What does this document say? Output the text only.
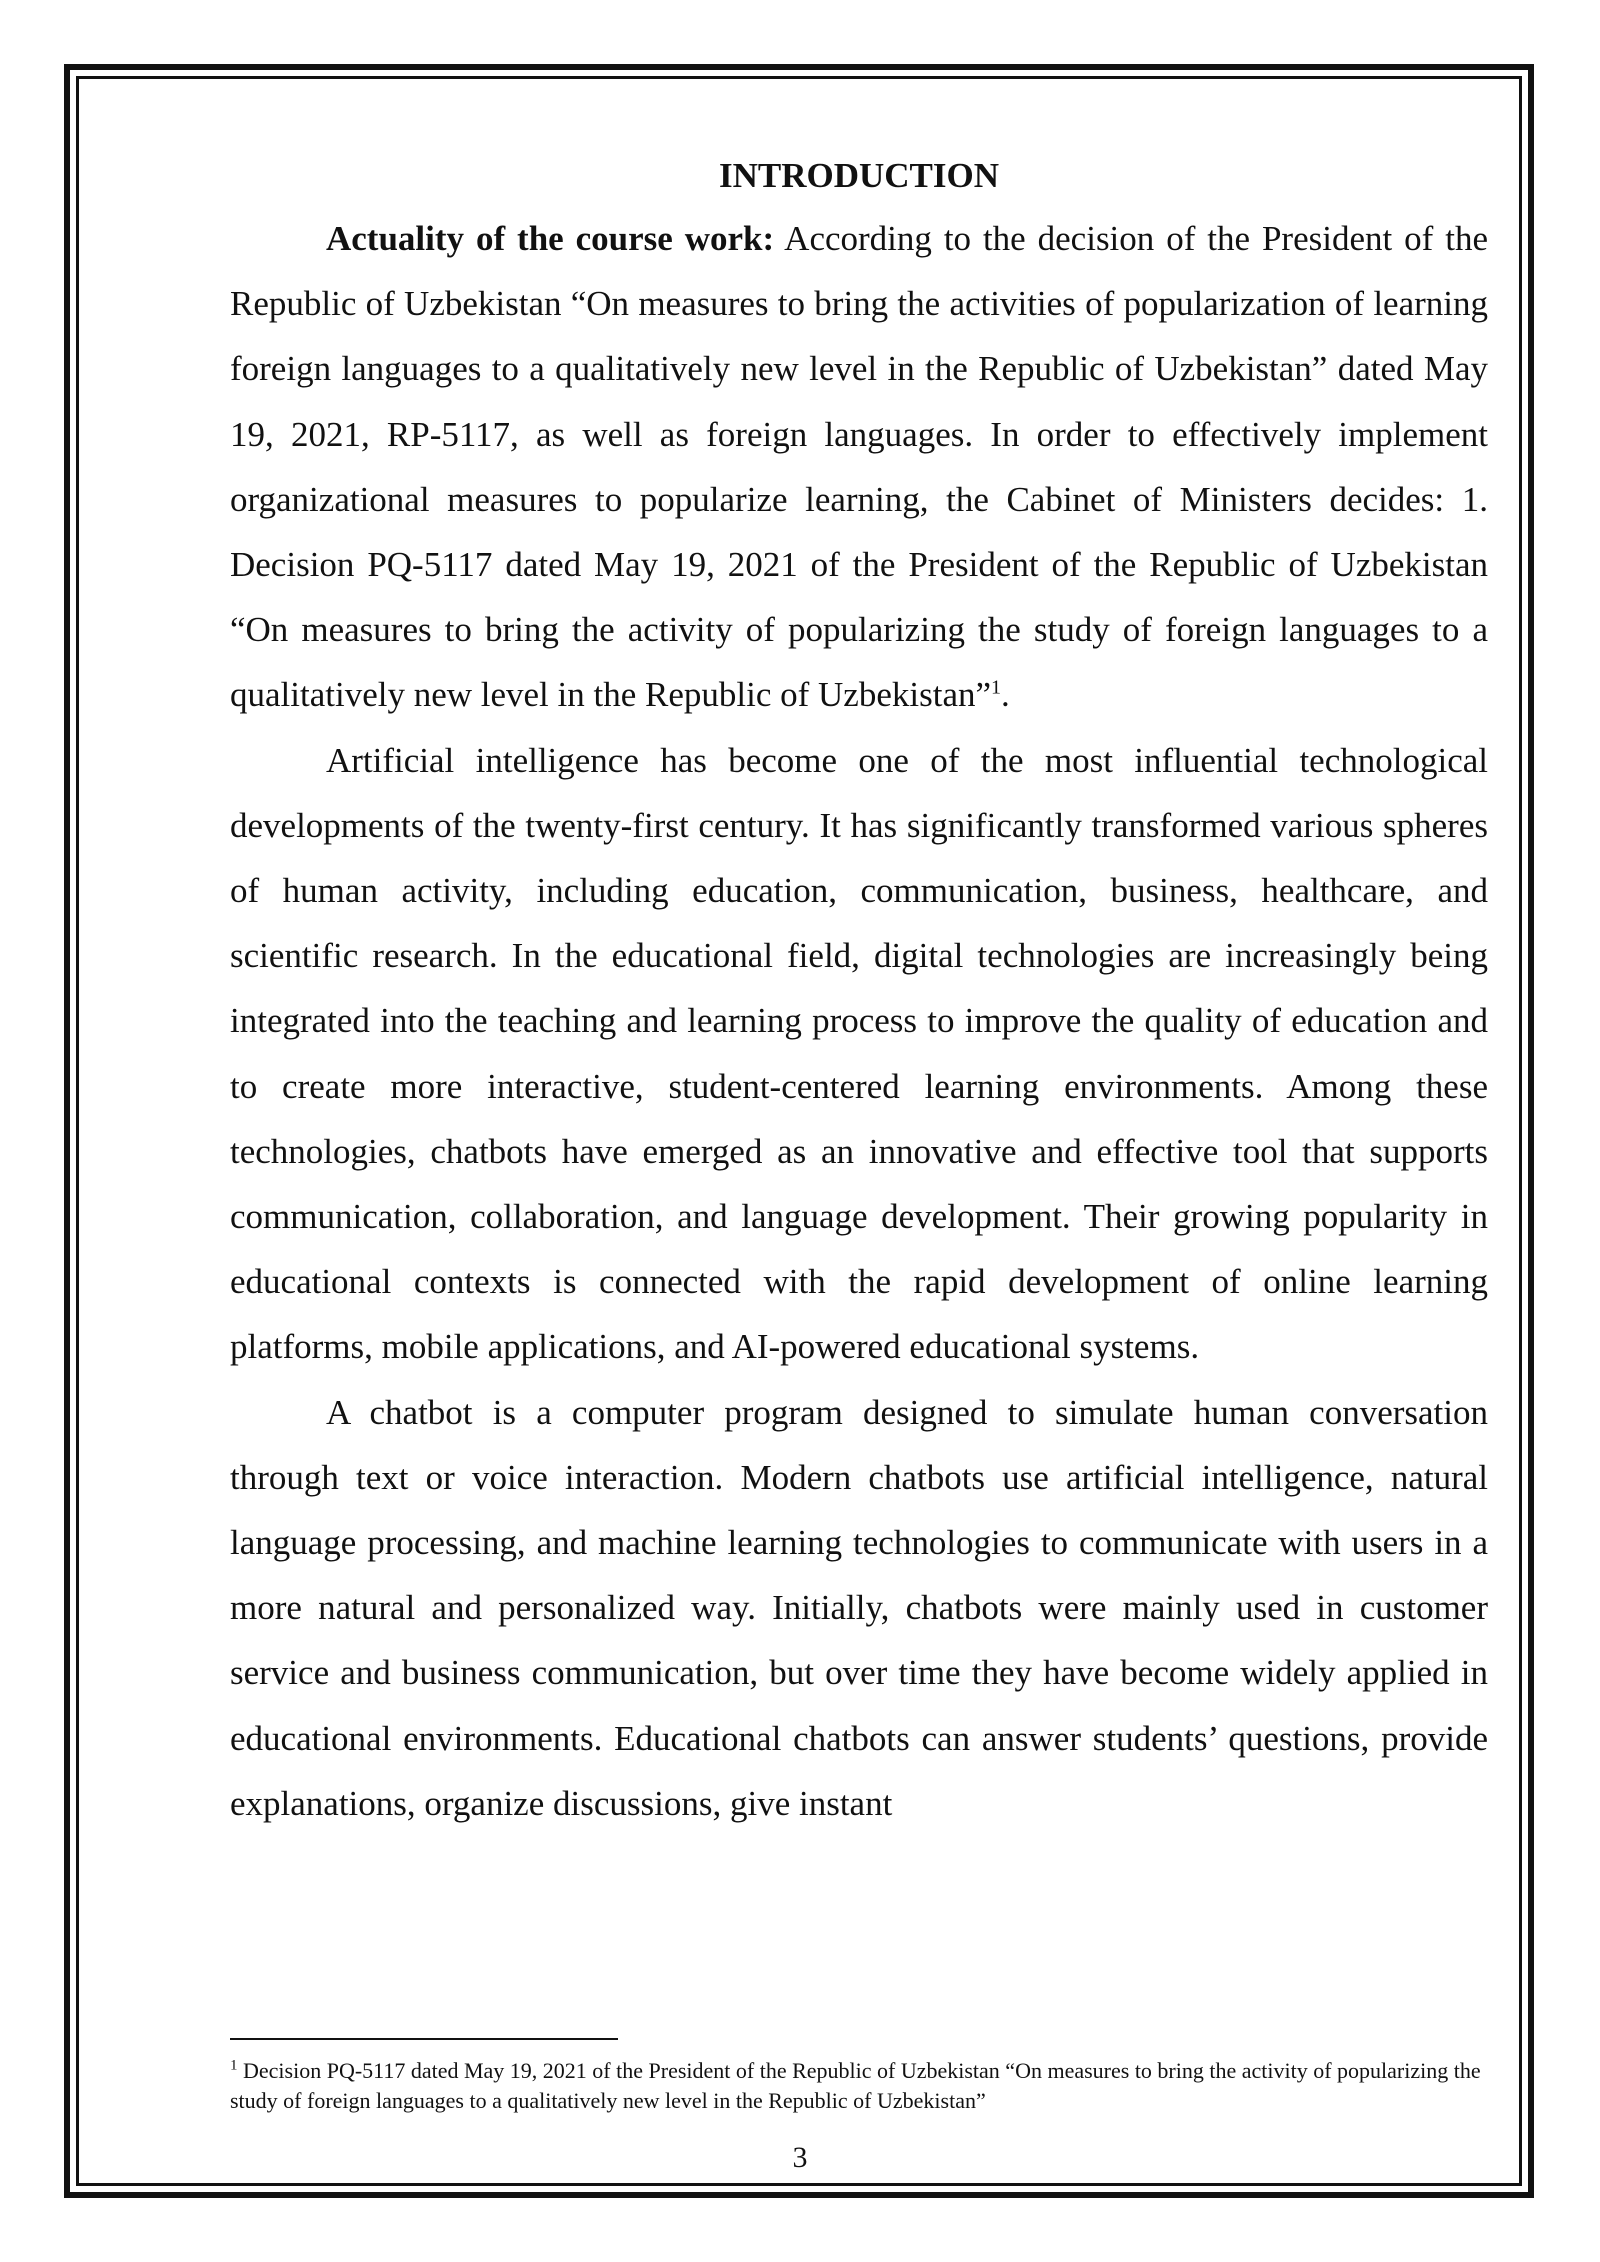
INTRODUCTION

Actuality of the course work: According to the decision of the President of the Republic of Uzbekistan “On measures to bring the activities of popularization of learning foreign languages to a qualitatively new level in the Republic of Uzbekistan” dated May 19, 2021, RP-5117, as well as foreign languages. In order to effectively implement organizational measures to popularize learning, the Cabinet of Ministers decides: 1. Decision PQ-5117 dated May 19, 2021 of the President of the Republic of Uzbekistan “On measures to bring the activity of popularizing the study of foreign languages to a qualitatively new level in the Republic of Uzbekistan”$^1$.

Artificial intelligence has become one of the most influential technological developments of the twenty-first century. It has significantly transformed various spheres of human activity, including education, communication, business, healthcare, and scientific research. In the educational field, digital technologies are increasingly being integrated into the teaching and learning process to improve the quality of education and to create more interactive, student-centered learning environments. Among these technologies, chatbots have emerged as an innovative and effective tool that supports communication, collaboration, and language development. Their growing popularity in educational contexts is connected with the rapid development of online learning platforms, mobile applications, and AI-powered educational systems.

A chatbot is a computer program designed to simulate human conversation through text or voice interaction. Modern chatbots use artificial intelligence, natural language processing, and machine learning technologies to communicate with users in a more natural and personalized way. Initially, chatbots were mainly used in customer service and business communication, but over time they have become widely applied in educational environments. Educational chatbots can answer students’ questions, provide explanations, organize discussions, give instant

$^1$ Decision PQ-5117 dated May 19, 2021 of the President of the Republic of Uzbekistan “On measures to bring the activity of popularizing the study of foreign languages to a qualitatively new level in the Republic of Uzbekistan”

3
